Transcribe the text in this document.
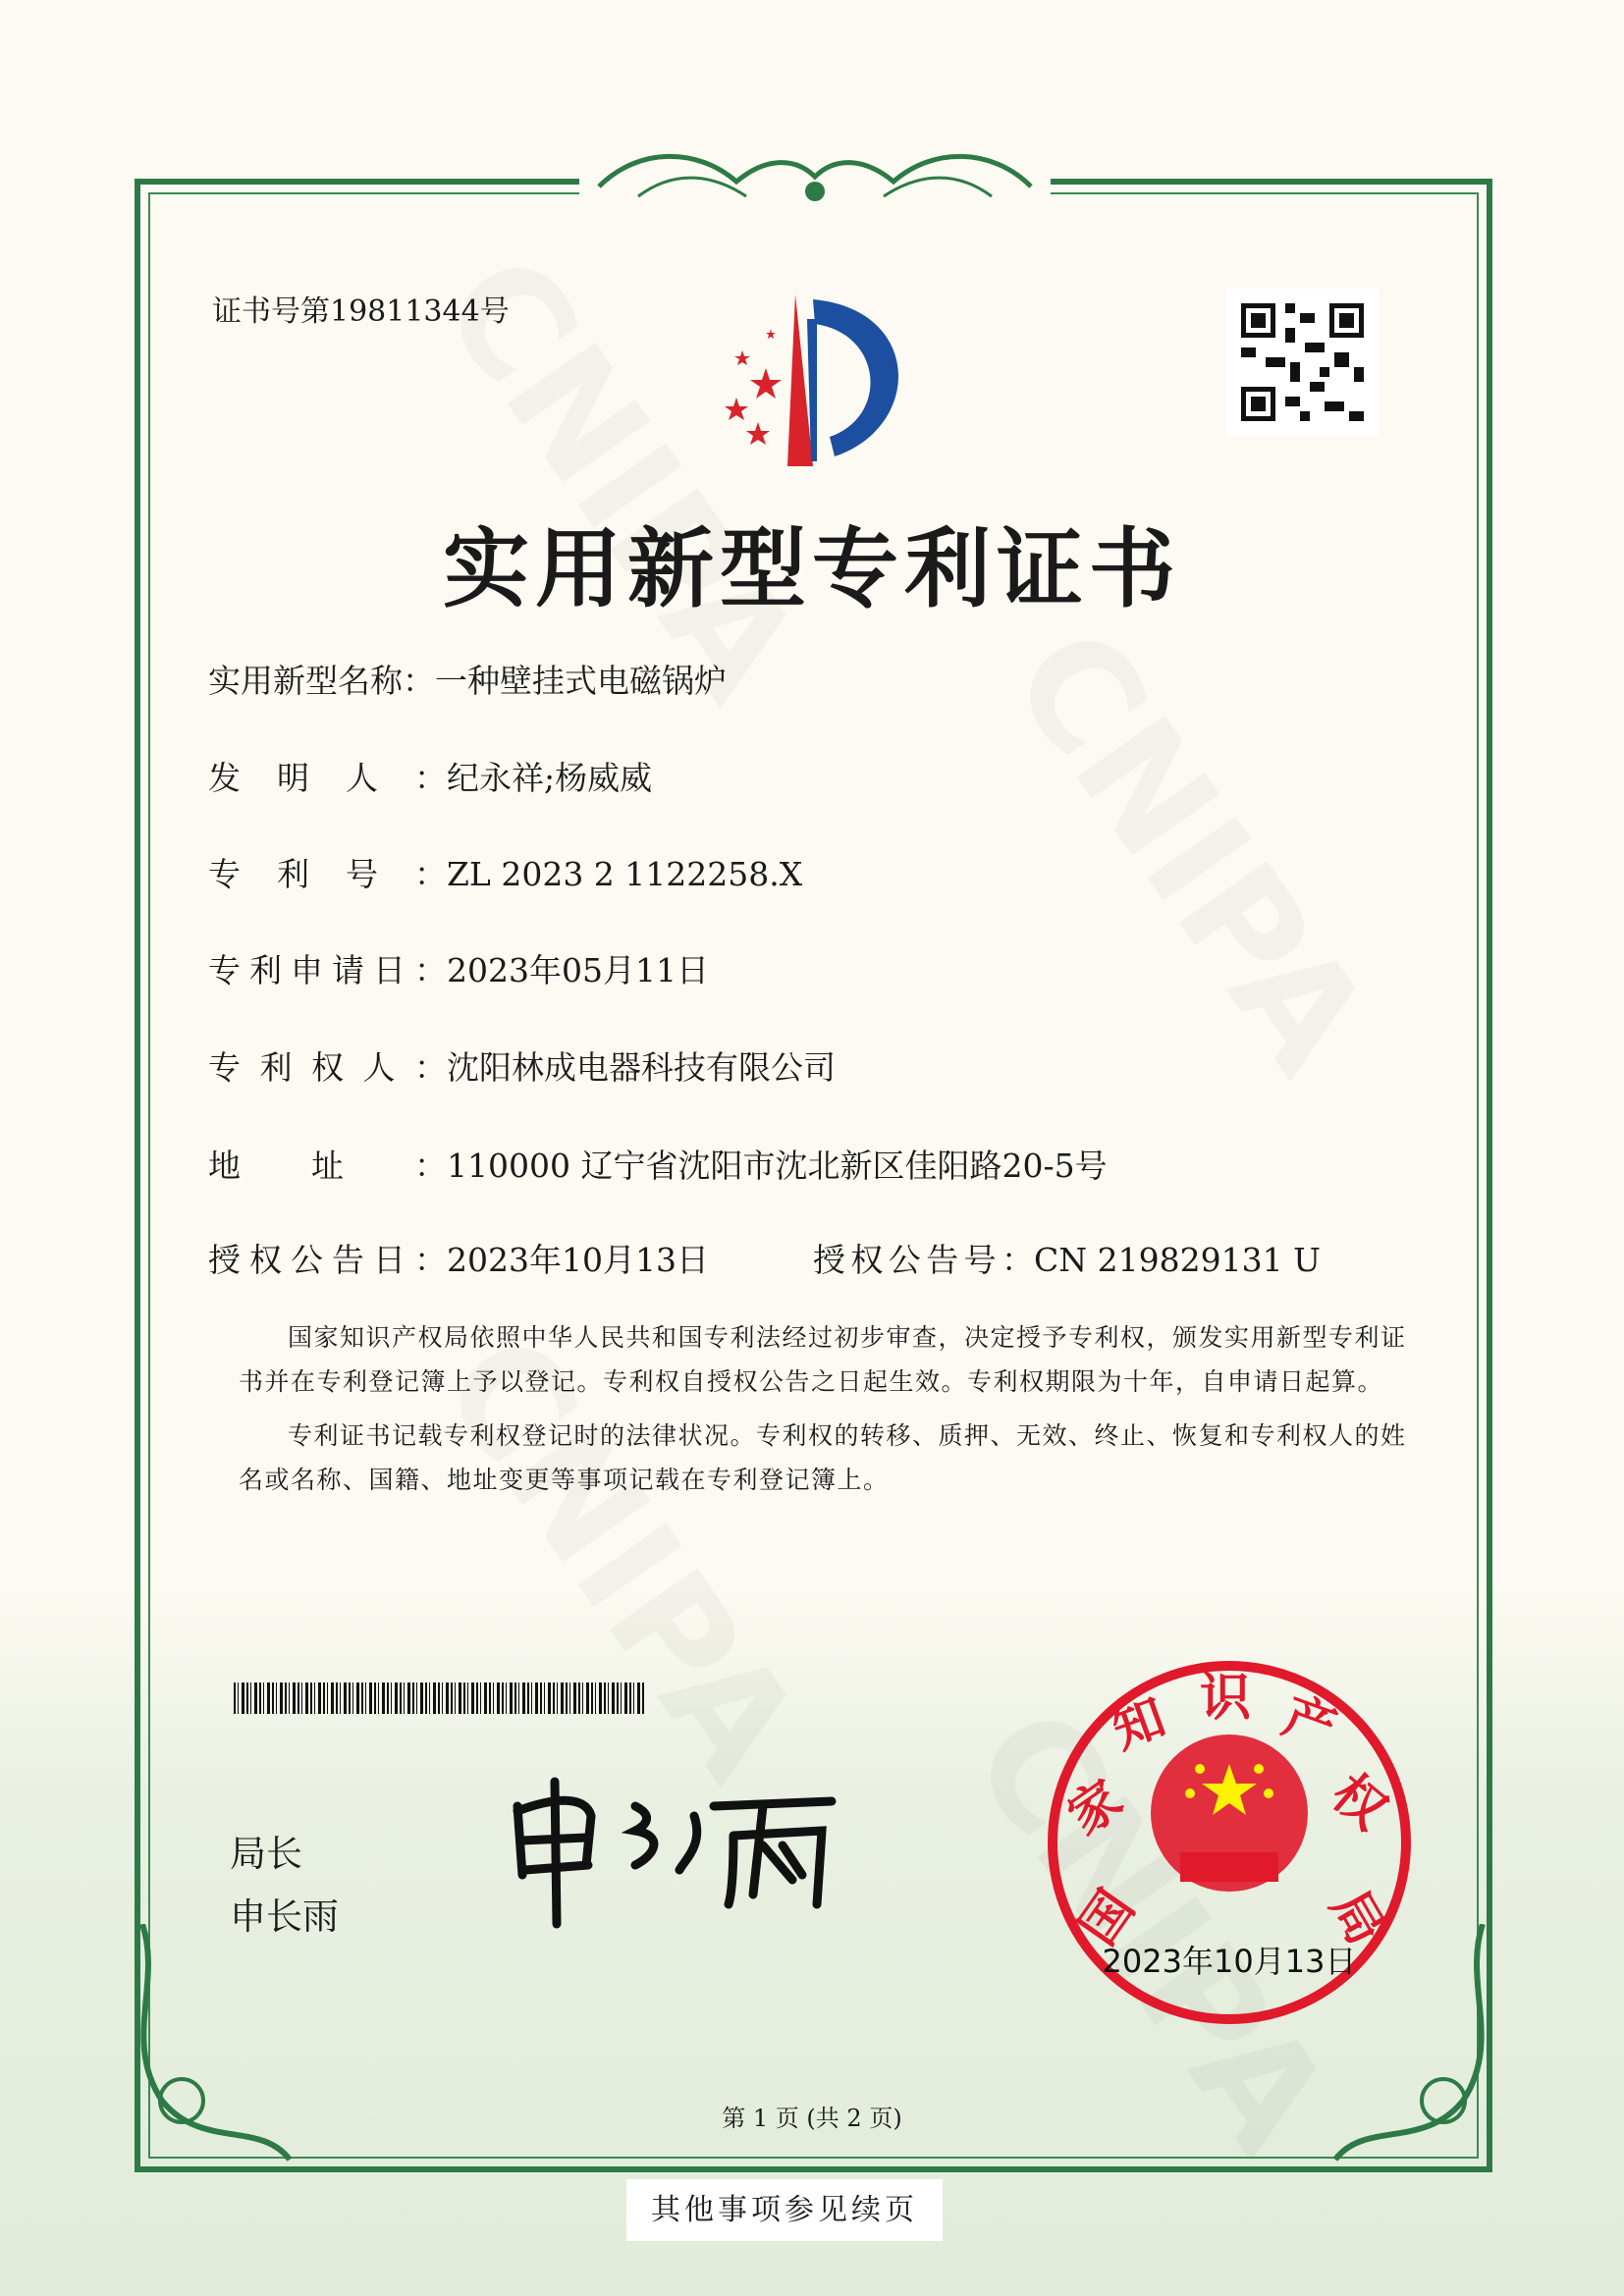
证书号第19811344号
实用新型专利证书
实用新型名称：一种壁挂式电磁锅炉
发明人：纪永祥;杨威威
专利号：ZL 2023 2 1122258.X
专利申请日：2023年05月11日
专利权人：沈阳林成电器科技有限公司
地址：110000 辽宁省沈阳市沈北新区佳阳路20-5号
授权公告日：2023年10月13日	授权公告号：CN 219829131 U

国家知识产权局依照中华人民共和国专利法经过初步审查，决定授予专利权，颁发实用新型专利证书并在专利登记簿上予以登记。专利权自授权公告之日起生效。专利权期限为十年，自申请日起算。

专利证书记载专利权登记时的法律状况。专利权的转移、质押、无效、终止、恢复和专利权人的姓名或名称、国籍、地址变更等事项记载在专利登记簿上。

局长
申长雨	国
家
知 识 产
权
局
2023年10月13日
第 1 页 (共 2 页)
其他事项参见续页
